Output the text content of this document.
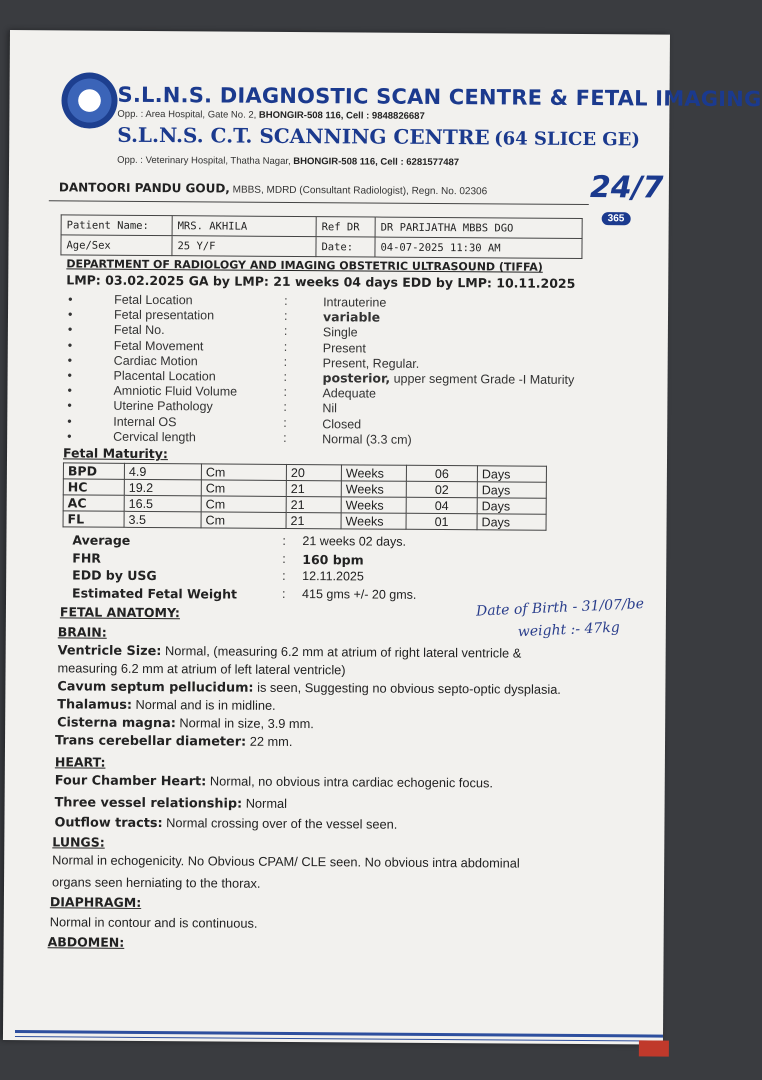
S.L.N.S. DIAGNOSTIC SCAN CENTRE & FETAL IMAGING
Opp. : Area Hospital, Gate No. 2, BHONGIR-508 116, Cell : 9848826687
S.L.N.S. C.T. SCANNING CENTRE (64 SLICE GE)
Opp. : Veterinary Hospital, Thatha Nagar, BHONGIR-508 116, Cell : 6281577487
24/7
365
DANTOORI PANDU GOUD, MBBS, MDRD (Consultant Radiologist), Regn. No. 02306
Patient Name:	MRS. AKHILA	Ref DR	DR PARIJATHA MBBS DGO
Age/Sex	25 Y/F	Date:	04-07-2025 11:30 AM
DEPARTMENT OF RADIOLOGY AND IMAGING OBSTETRIC ULTRASOUND (TIFFA)
LMP: 03.02.2025 GA by LMP: 21 weeks 04 days EDD by LMP: 10.11.2025
•	Fetal Location	:	Intrauterine
•	Fetal presentation	:	variable
•	Fetal No.	:	Single
•	Fetal Movement	:	Present
•	Cardiac Motion	:	Present, Regular.
•	Placental Location	:	posterior, upper segment Grade -I Maturity
•	Amniotic Fluid Volume	:	Adequate
•	Uterine Pathology	:	Nil
•	Internal OS	:	Closed
•	Cervical length	:	Normal (3.3 cm)
Fetal Maturity:
BPD	4.9	Cm	20	Weeks	06	Days
HC	19.2	Cm	21	Weeks	02	Days
AC	16.5	Cm	21	Weeks	04	Days
FL	3.5	Cm	21	Weeks	01	Days
Average	: 21 weeks 02 days.
FHR	: 160 bpm
EDD by USG	: 12.11.2025
Estimated Fetal Weight	: 415 gms +/- 20 gms.
FETAL ANATOMY:	Date of Birth - 31/07/be
weight :- 47kg
BRAIN:
Ventricle Size: Normal, (measuring 6.2 mm at atrium of right lateral ventricle &
measuring 6.2 mm at atrium of left lateral ventricle)
Cavum septum pellucidum: is seen, Suggesting no obvious septo-optic dysplasia.
Thalamus: Normal and is in midline.
Cisterna magna: Normal in size, 3.9 mm.
Trans cerebellar diameter: 22 mm.
HEART:
Four Chamber Heart: Normal, no obvious intra cardiac echogenic focus.
Three vessel relationship: Normal
Outflow tracts: Normal crossing over of the vessel seen.
LUNGS:
Normal in echogenicity. No Obvious CPAM/ CLE seen. No obvious intra abdominal
organs seen herniating to the thorax.
DIAPHRAGM:
Normal in contour and is continuous.
ABDOMEN:
